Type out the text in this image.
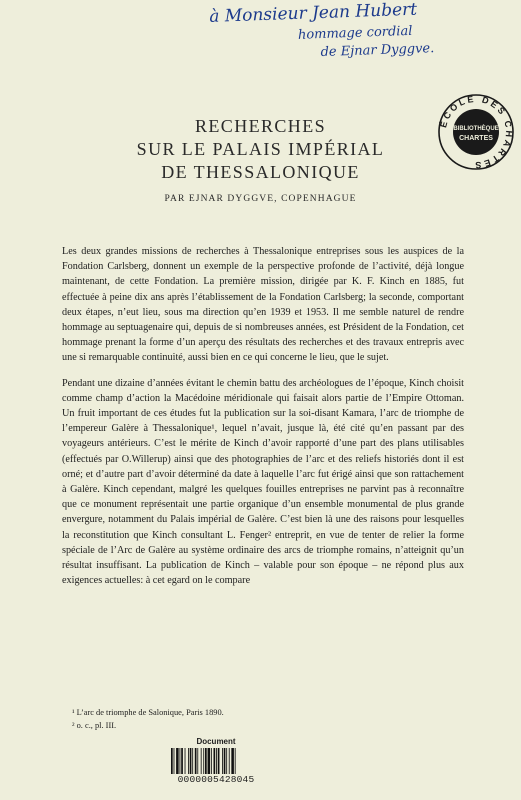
à Monsieur Jean Hubert
hommage cordial
de Ejnar Dyggve.
ÉCOLE DES CHARTES
BIBLIOTHÈQUE
CHARTES
RECHERCHES
SUR LE PALAIS IMPÉRIAL
DE THESSALONIQUE
PAR EJNAR DYGGVE, COPENHAGUE

Les deux grandes missions de recherches à Thessalonique entreprises sous les auspices de la Fondation Carlsberg, donnent un exemple de la perspective profonde de l’activité, déjà longue maintenant, de cette Fondation. La première mission, dirigée par K. F. Kinch en 1885, fut effectuée à peine dix ans après l’établissement de la Fondation Carlsberg; la seconde, comportant deux étapes, n’eut lieu, sous ma direction qu’en 1939 et 1953. Il me semble naturel de rendre hommage au septuagenaire qui, depuis de si nombreuses années, est Président de la Fondation, cet hommage prenant la forme d’un aperçu des résultats des recherches et des travaux entrepris avec une si remarquable continuité, aussi bien en ce qui concerne le lieu, que le sujet.

Pendant une dizaine d’années évitant le chemin battu des archéologues de l’époque, Kinch choisit comme champ d’action la Macédoine méridionale qui faisait alors partie de l’Empire Ottoman. Un fruit important de ces études fut la publication sur la soi-disant Kamara, l’arc de triomphe de l’empereur Galère à Thessalonique¹, lequel n’avait, jusque là, été cité qu’en passant par des voyageurs antérieurs. C’est le mérite de Kinch d’avoir rapporté d’une part des plans utilisables (effectués par O.Willerup) ainsi que des photographies de l’arc et des reliefs historiés dont il est orné; et d’autre part d’avoir déterminé da date à laquelle l’arc fut érigé ainsi que son rattachement à Galère. Kinch cependant, malgré les quelques fouilles entreprises ne parvint pas à reconnaître que ce monument représentait une partie organique d’un ensemble monumental de plus grande envergure, notamment du Palais impérial de Galère. C’est bien là une des raisons pour lesquelles la reconstitution que Kinch consultant L. Fenger² entreprit, en vue de tenter de relier la forme spéciale de l’Arc de Galère au système ordinaire des arcs de triomphe romains, n’atteignit qu’un résultat insuffisant. La publication de Kinch – valable pour son époque – ne répond plus aux exigences actuelles: à cet egard on le compare

¹ L’arc de triomphe de Salonique, Paris 1890.
² o. c., pl. III.
Document
0000005428045
